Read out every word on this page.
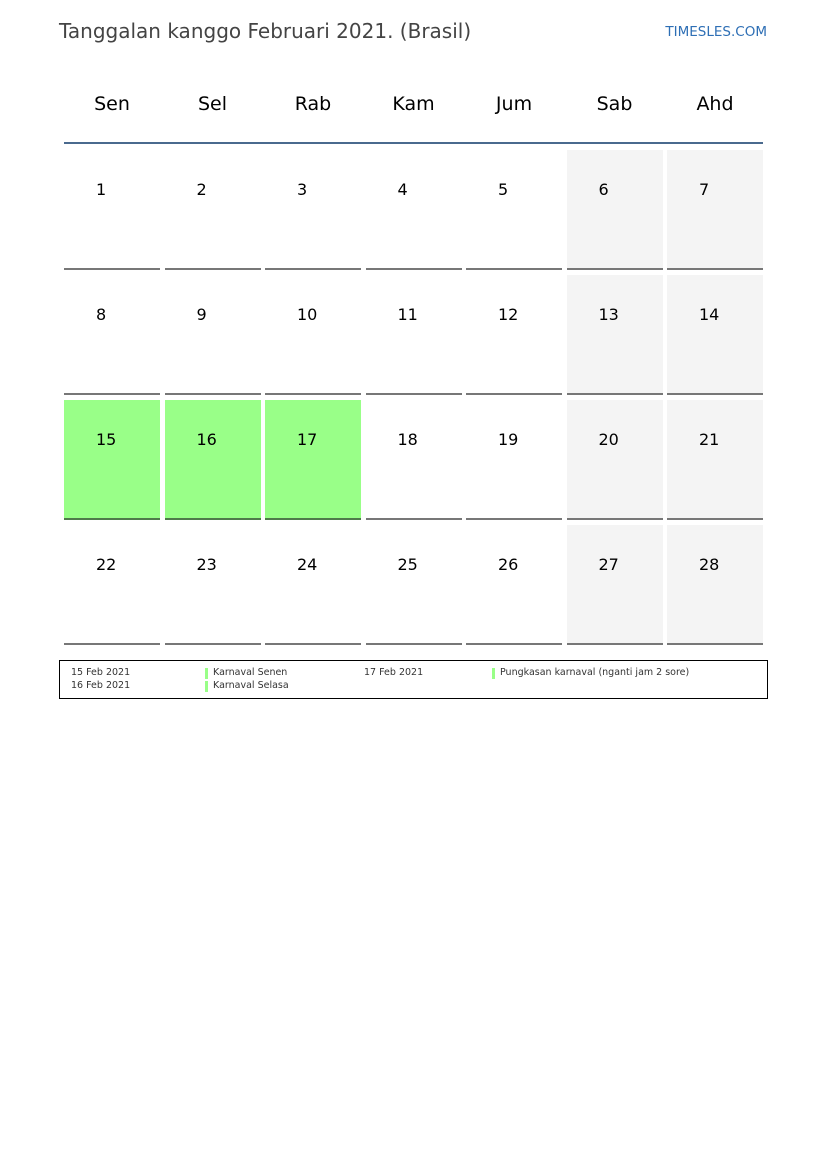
Tanggalan kanggo Februari 2021. (Brasil)	TIMESLES.COM
Sen	Sel	Rab	Kam	Jum	Sab	Ahd
1	2	3	4	5	6	7
8	9	10	11	12	13	14
15	16	17	18	19	20	21
22	23	24	25	26	27	28
15 Feb 2021	Karnaval Senen
16 Feb 2021	Karnaval Selasa
17 Feb 2021	Pungkasan karnaval (nganti jam 2 sore)
